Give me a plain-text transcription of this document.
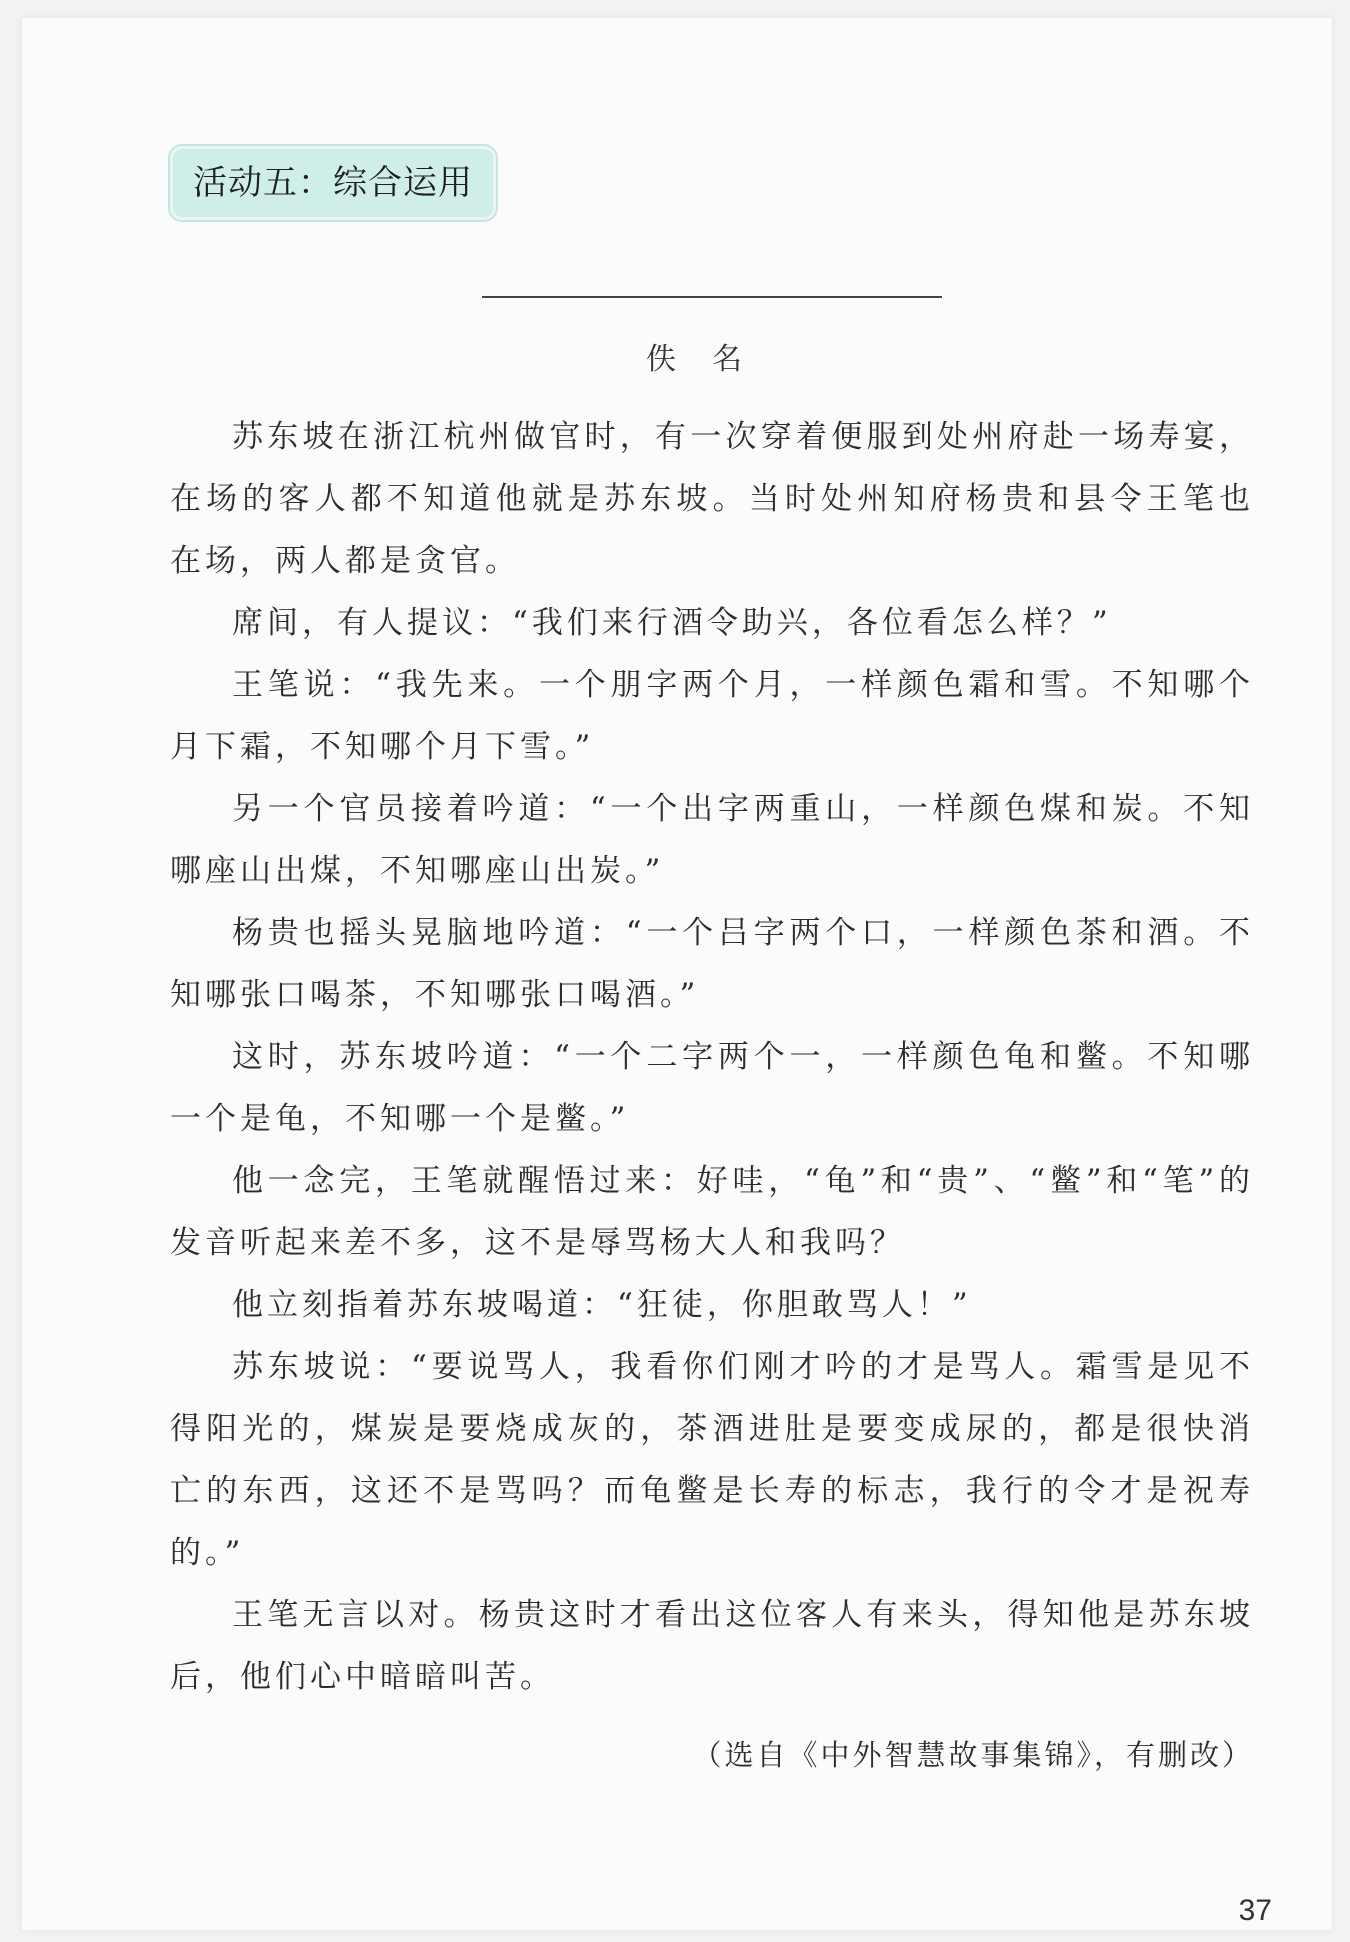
活动五：综合运用
佚名

苏东坡在浙江杭州做官时，有一次穿着便服到处州府赴一场寿宴，在场的客人都不知道他就是苏东坡。当时处州知府杨贵和县令王笔也在场，两人都是贪官。

席间，有人提议：“我们来行酒令助兴，各位看怎么样？”

王笔说：“我先来。一个朋字两个月，一样颜色霜和雪。不知哪个月下霜，不知哪个月下雪。”

另一个官员接着吟道：“一个出字两重山，一样颜色煤和炭。不知哪座山出煤，不知哪座山出炭。”

杨贵也摇头晃脑地吟道：“一个吕字两个口，一样颜色茶和酒。不知哪张口喝茶，不知哪张口喝酒。”

这时，苏东坡吟道：“一个二字两个一，一样颜色龟和鳖。不知哪一个是龟，不知哪一个是鳖。”

他一念完，王笔就醒悟过来：好哇，“龟”和“贵”、“鳖”和“笔”的发音听起来差不多，这不是辱骂杨大人和我吗？

他立刻指着苏东坡喝道：“狂徒，你胆敢骂人！”

苏东坡说：“要说骂人，我看你们刚才吟的才是骂人。霜雪是见不得阳光的，煤炭是要烧成灰的，茶酒进肚是要变成尿的，都是很快消亡的东西，这还不是骂吗？而龟鳖是长寿的标志，我行的令才是祝寿的。”

王笔无言以对。杨贵这时才看出这位客人有来头，得知他是苏东坡后，他们心中暗暗叫苦。

（选自《中外智慧故事集锦》，有删改）
37
